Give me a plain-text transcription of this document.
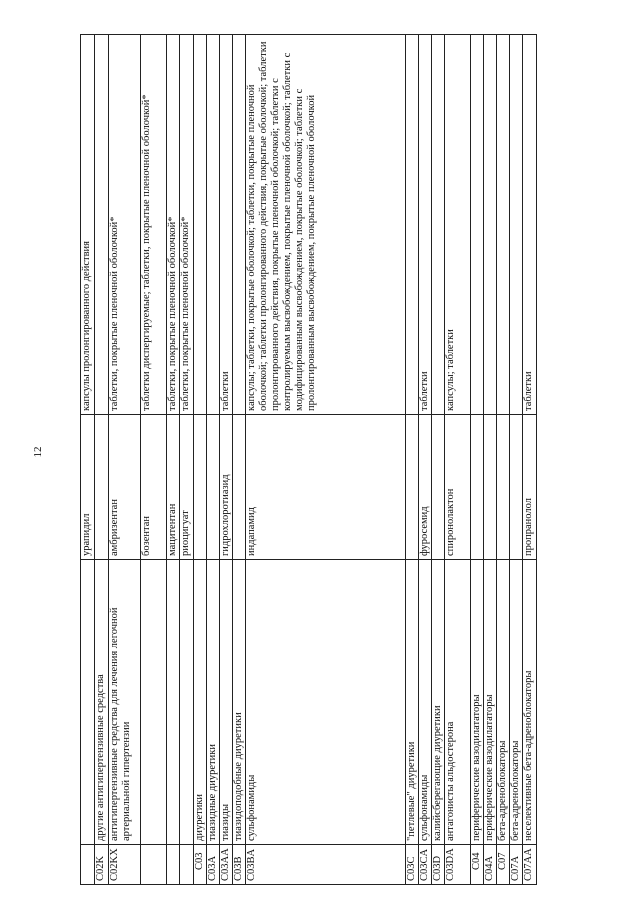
12
		урапидил	капсулы пролонгированного действия
C02K	другие антигипертензивные средства		
C02KX	антигипертензивные средства для лечения легочной артериальной гипертензии	амбризентан	таблетки, покрытые пленочной оболочкой*
		бозентан	таблетки диспергируемые; таблетки, покрытые пленочной оболочкой*
		мацитентан	таблетки, покрытые пленочной оболочкой*
		риоцигуат	таблетки, покрытые пленочной оболочкой*
C03	диуретики		
C03A	тиазидные диуретики		
C03AA	тиазиды	гидрохлоротиазид	таблетки
C03B	тиазидоподобные диуретики		
C03BA	сульфонамиды	индапамид	капсулы; таблетки, покрытые оболочкой; таблетки, покрытые пленочной оболочкой; таблетки пролонгированного действия, покрытые оболочкой; таблетки пролонгированного действия, покрытые пленочной оболочкой; таблетки с контролируемым высвобождением, покрытые пленочной оболочкой; таблетки с модифицированным высвобождением, покрытые оболочкой; таблетки с пролонгированным высвобождением, покрытые пленочной оболочкой
C03C	"петлевые" диуретики		
C03CA	сульфонамиды	фуросемид	таблетки
C03D	калийсберегающие диуретики		
C03DA	антагонисты альдостерона	спиронолактон	капсулы; таблетки
C04	периферические вазодилататоры		
C04A	периферические вазодилататоры		
C07	бета-адреноблокаторы		
C07A	бета-адреноблокаторы		
C07AA	неселективные бета-адреноблокаторы	пропранолол	таблетки
